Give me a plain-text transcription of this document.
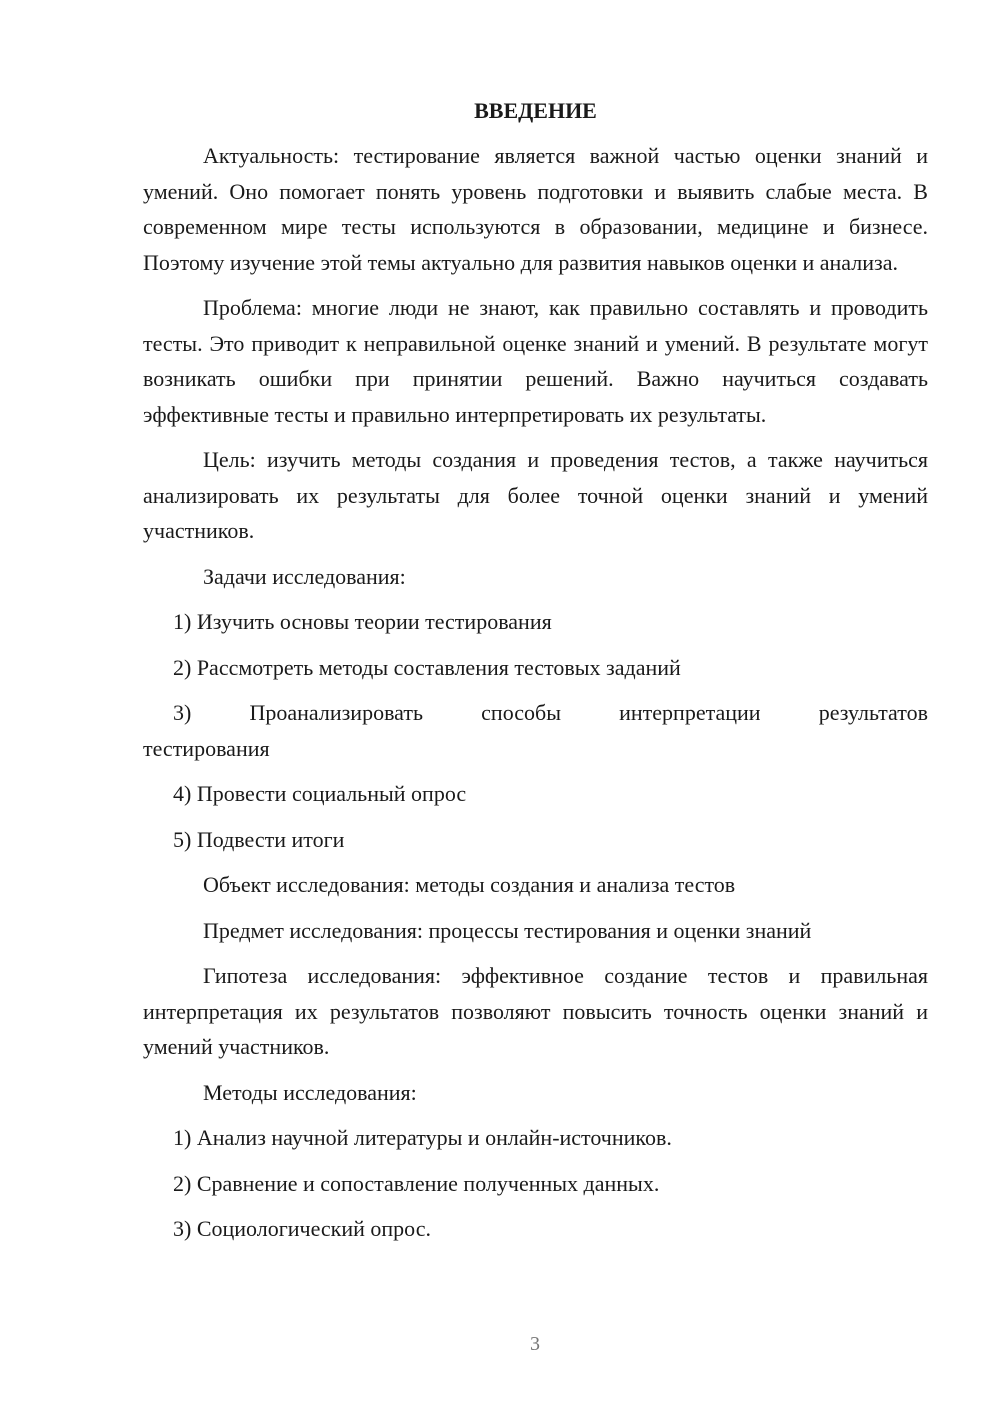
ВВЕДЕНИЕ

Актуальность: тестирование является важной частью оценки знаний и умений. Оно помогает понять уровень подготовки и выявить слабые места. В современном мире тесты используются в образовании, медицине и бизнесе. Поэтому изучение этой темы актуально для развития навыков оценки и анализа.

Проблема: многие люди не знают, как правильно составлять и проводить тесты. Это приводит к неправильной оценке знаний и умений. В результате могут возникать ошибки при принятии решений. Важно научиться создавать эффективные тесты и правильно интерпретировать их результаты.

Цель: изучить методы создания и проведения тестов, а также научиться анализировать их результаты для более точной оценки знаний и умений участников.

Задачи исследования:
1) Изучить основы теории тестирования
2) Рассмотреть методы составления тестовых заданий
3)	Проанализировать	способы	интерпретации	результатов
тестирования
4) Провести социальный опрос
5) Подвести итоги
Объект исследования: методы создания и анализа тестов
Предмет исследования: процессы тестирования и оценки знаний

Гипотеза исследования: эффективное создание тестов и правильная интерпретация их результатов позволяют повысить точность оценки знаний и умений участников.

Методы исследования:
1) Анализ научной литературы и онлайн-источников.
2) Сравнение и сопоставление полученных данных.
3) Социологический опрос.
3
